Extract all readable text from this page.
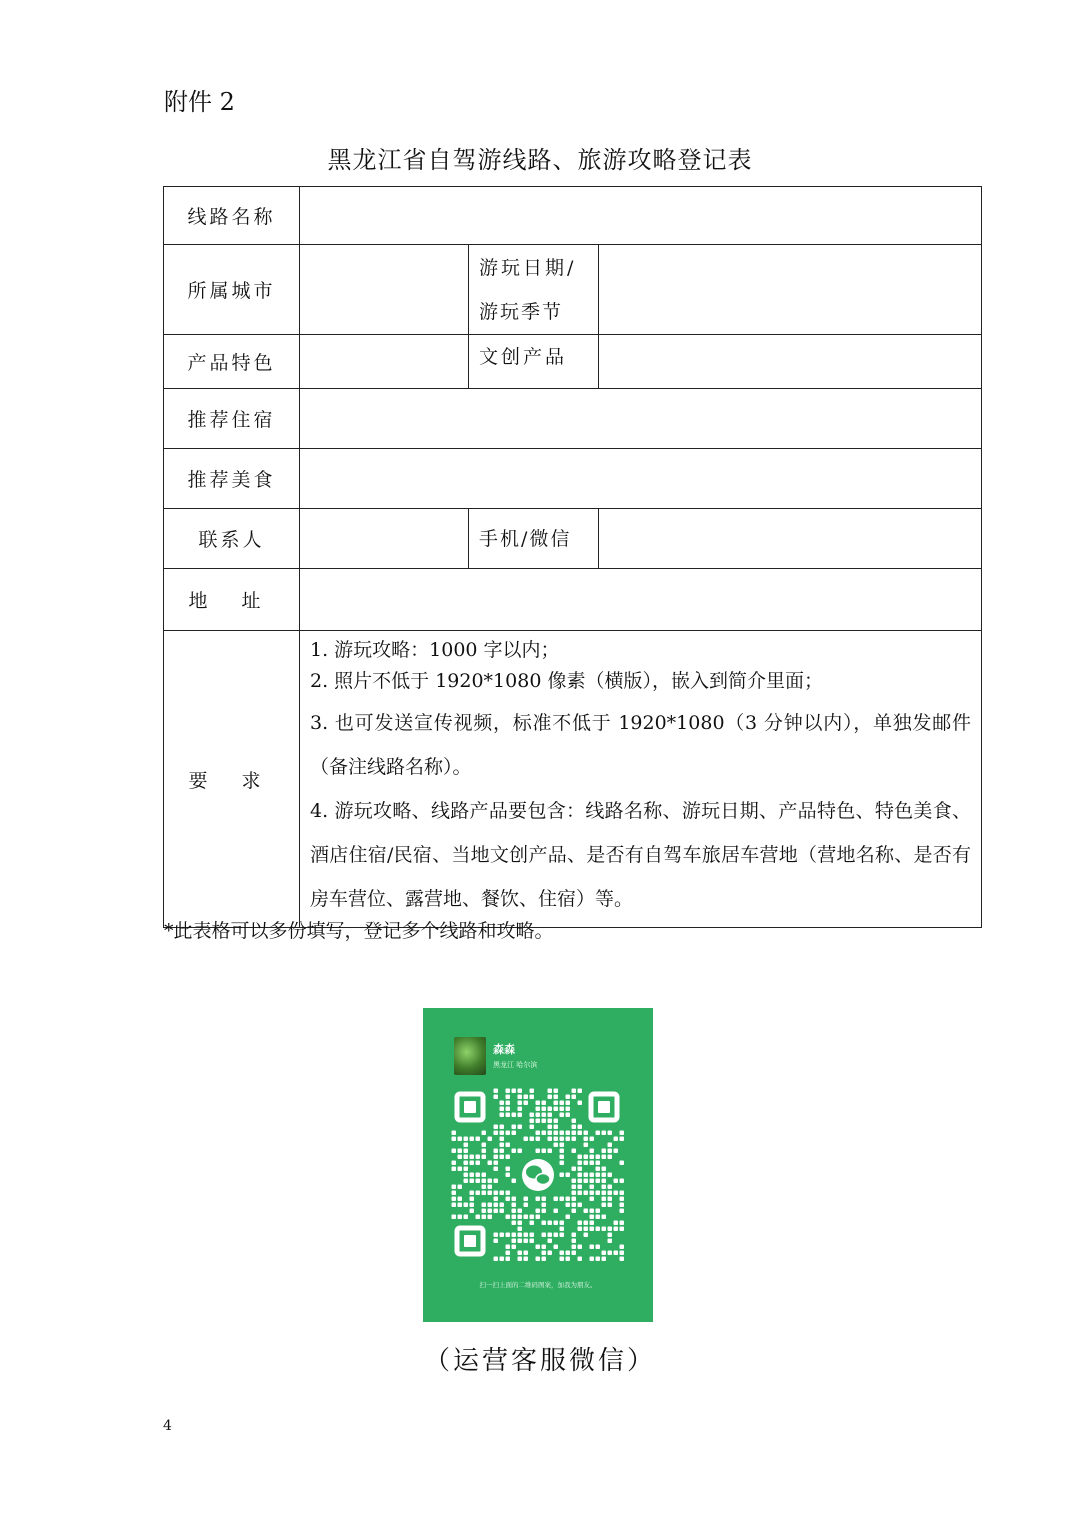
附件 2
黑龙江省自驾游线路、旅游攻略登记表
线路名称			
所属城市		游玩日期/
游玩季节	

产品特色		文创产品	
推荐住宿			
推荐美食			
联系人		手机/微信	
地 址			
要 求	1. 游玩攻略：1000 字以内；

2. 照片不低于 1920*1080 像素（横版），嵌入到简介里面；

3. 也可发送宣传视频，标准不低于 1920*1080（3 分钟以内），单独发邮件（备注线路名称）。

4. 游玩攻略、线路产品要包含：线路名称、游玩日期、产品特色、特色美食、酒店住宿/民宿、当地文创产品、是否有自驾车旅居车营地（营地名称、是否有房车营位、露营地、餐饮、住宿）等。		

*此表格可以多份填写，登记多个线路和攻略。
森森
黑龙江 哈尔滨
扫一扫上面的二维码图案，加我为朋友。
（运营客服微信）
4
